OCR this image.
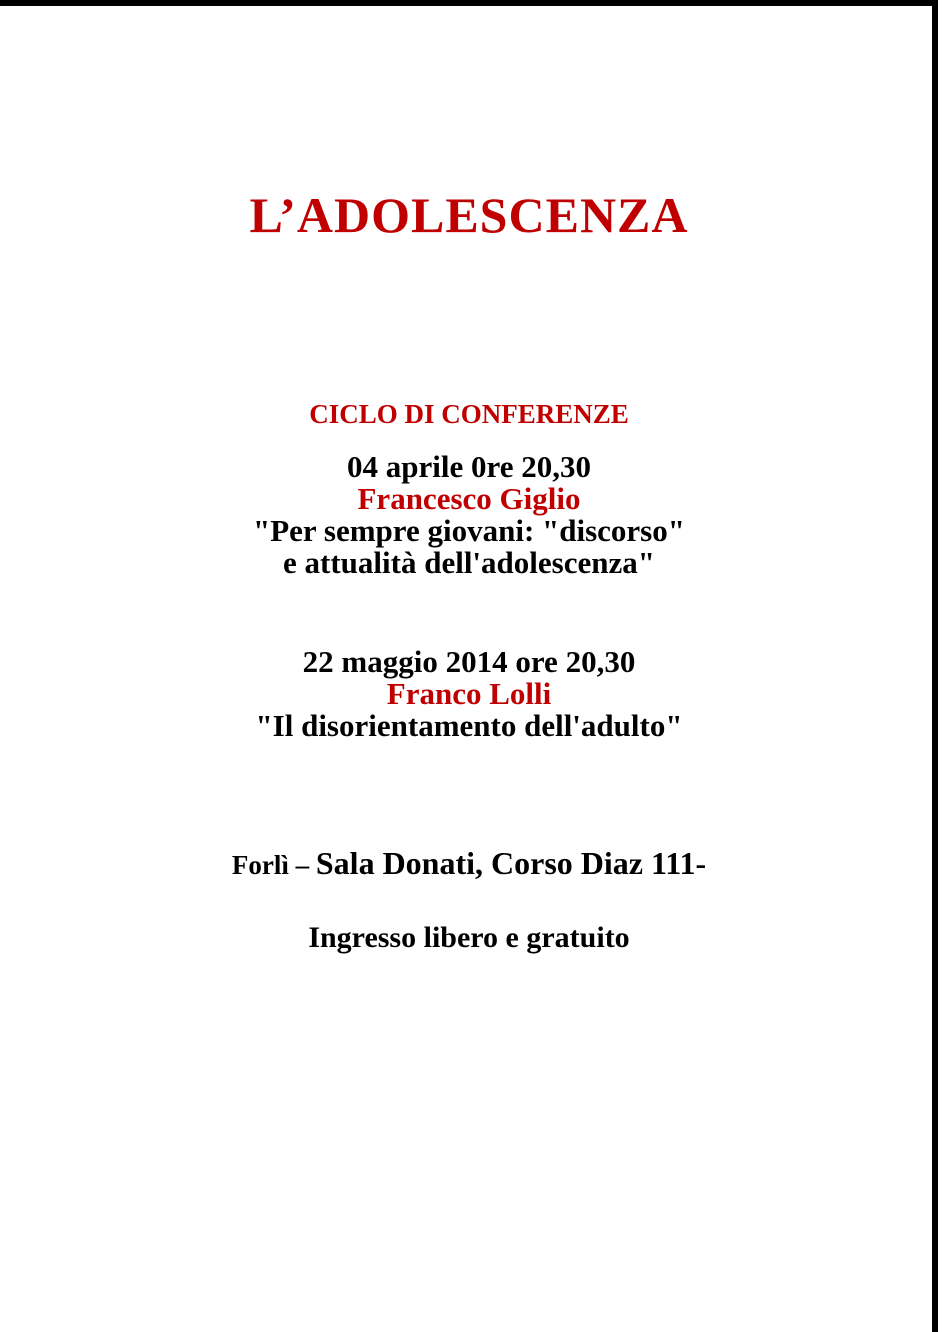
L’ADOLESCENZA
CICLO DI CONFERENZE
04 aprile 0re 20,30
Francesco Giglio
"Per sempre giovani: "discorso"
e attualità dell'adolescenza"
22 maggio 2014 ore 20,30
Franco Lolli
"Il disorientamento dell'adulto"
Forlì – Sala Donati, Corso Diaz 111-
Ingresso libero e gratuito
